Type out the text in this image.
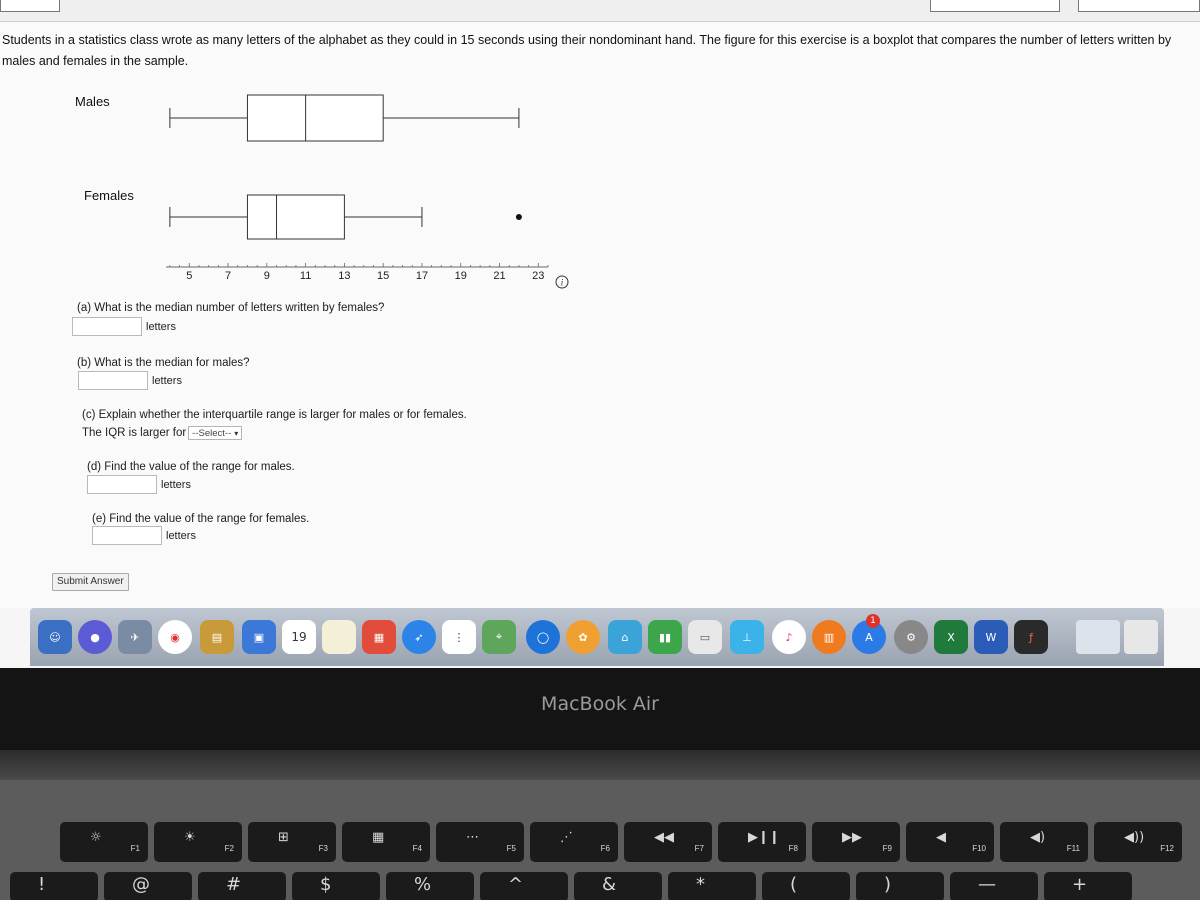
Students in a statistics class wrote as many letters of the alphabet as they could in 15 seconds using their nondominant hand. The figure for this exercise is a boxplot that compares the number of letters written by males and females in the sample.
Males
Females
5	7	9	11 13 15 17 19 21 23
i
(a) What is the median number of letters written by females?
letters
(b) What is the median for males?
letters
(c) Explain whether the interquartile range is larger for males or for females.
The IQR is larger for --Select-- ▾
(d) Find the value of the range for males.
letters
(e) Find the value of the range for females.
letters
Submit Answer
☺	●	✈	◉	▤	▣	19	▦	➶	⋮	⌖	◯	✿	⌂	▮▮	▭	⊥	♪	▥	A
1
⚙	X	W	ƒ
MacBook Air
☼
F1
☀
F2
⊞
F3
▦
F4
⋯
F5
⋰
F6
◀◀
F7
▶❙❙
F8
▶▶
F9
◀
F10
◀)
F11
◀))
F12
!	@	#	$	%	^	&	*	(	)	—	+
